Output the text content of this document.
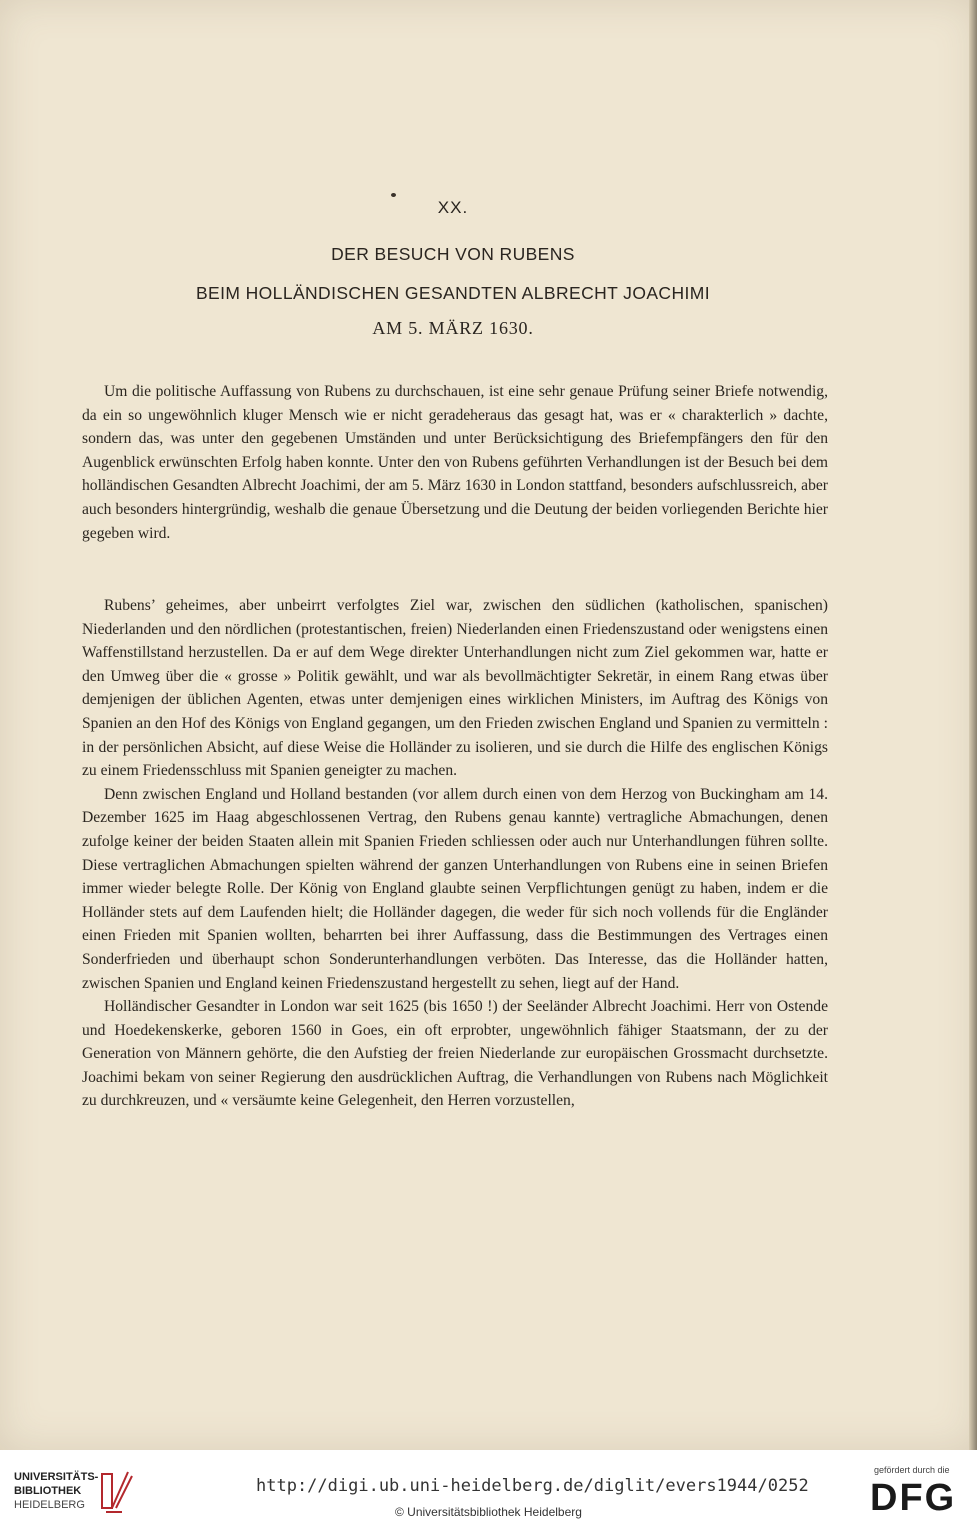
XX.
DER BESUCH VON RUBENS
BEIM HOLLÄNDISCHEN GESANDTEN ALBRECHT JOACHIMI
AM 5. MÄRZ 1630.

Um die politische Auffassung von Rubens zu durchschauen, ist eine sehr genaue Prüfung seiner Briefe notwendig, da ein so ungewöhnlich kluger Mensch wie er nicht geradeheraus das gesagt hat, was er « charakterlich » dachte, sondern das, was unter den gegebenen Umständen und unter Berücksichtigung des Briefempfängers den für den Augenblick erwünschten Erfolg haben konnte. Unter den von Rubens geführten Verhandlungen ist der Besuch bei dem holländischen Gesandten Albrecht Joachimi, der am 5. März 1630 in London stattfand, besonders aufschlussreich, aber auch besonders hintergründig, weshalb die genaue Übersetzung und die Deutung der beiden vorliegenden Berichte hier gegeben wird.

Rubens’ geheimes, aber unbeirrt verfolgtes Ziel war, zwischen den südlichen (katholischen, spanischen) Niederlanden und den nördlichen (protestantischen, freien) Niederlanden einen Friedenszustand oder wenigstens einen Waffenstillstand herzustellen. Da er auf dem Wege direkter Unterhandlungen nicht zum Ziel gekommen war, hatte er den Umweg über die « grosse » Politik gewählt, und war als bevollmächtigter Sekretär, in einem Rang etwas über demjenigen der üblichen Agenten, etwas unter demjenigen eines wirklichen Ministers, im Auftrag des Königs von Spanien an den Hof des Königs von England gegangen, um den Frieden zwischen England und Spanien zu vermitteln : in der persönlichen Absicht, auf diese Weise die Holländer zu isolieren, und sie durch die Hilfe des englischen Königs zu einem Friedensschluss mit Spanien geneigter zu machen.

Denn zwischen England und Holland bestanden (vor allem durch einen von dem Herzog von Buckingham am 14. Dezember 1625 im Haag abgeschlossenen Vertrag, den Rubens genau kannte) vertragliche Abmachungen, denen zufolge keiner der beiden Staaten allein mit Spanien Frieden schliessen oder auch nur Unterhandlungen führen sollte. Diese vertraglichen Abmachungen spielten während der ganzen Unterhandlungen von Rubens eine in seinen Briefen immer wieder belegte Rolle. Der König von England glaubte seinen Verpflichtungen genügt zu haben, indem er die Holländer stets auf dem Laufenden hielt; die Holländer dagegen, die weder für sich noch vollends für die Engländer einen Frieden mit Spanien wollten, beharrten bei ihrer Auffassung, dass die Bestimmungen des Vertrages einen Sonderfrieden und überhaupt schon Sonderunterhandlungen verböten. Das Interesse, das die Holländer hatten, zwischen Spanien und England keinen Friedenszustand hergestellt zu sehen, liegt auf der Hand.

Holländischer Gesandter in London war seit 1625 (bis 1650 !) der Seeländer Albrecht Joachimi. Herr von Ostende und Hoedekenskerke, geboren 1560 in Goes, ein oft erprobter, ungewöhnlich fähiger Staatsmann, der zu der Generation von Männern gehörte, die den Aufstieg der freien Niederlande zur europäischen Grossmacht durchsetzte. Joachimi bekam von seiner Regierung den ausdrücklichen Auftrag, die Verhandlungen von Rubens nach Möglichkeit zu durchkreuzen, und « versäumte keine Gelegenheit, den Herren vorzustellen,

UNIVERSITÄTS-
BIBLIOTHEK
HEIDELBERG
http://digi.ub.uni-heidelberg.de/diglit/evers1944/0252
© Universitätsbibliothek Heidelberg
gefördert durch die
DFG
